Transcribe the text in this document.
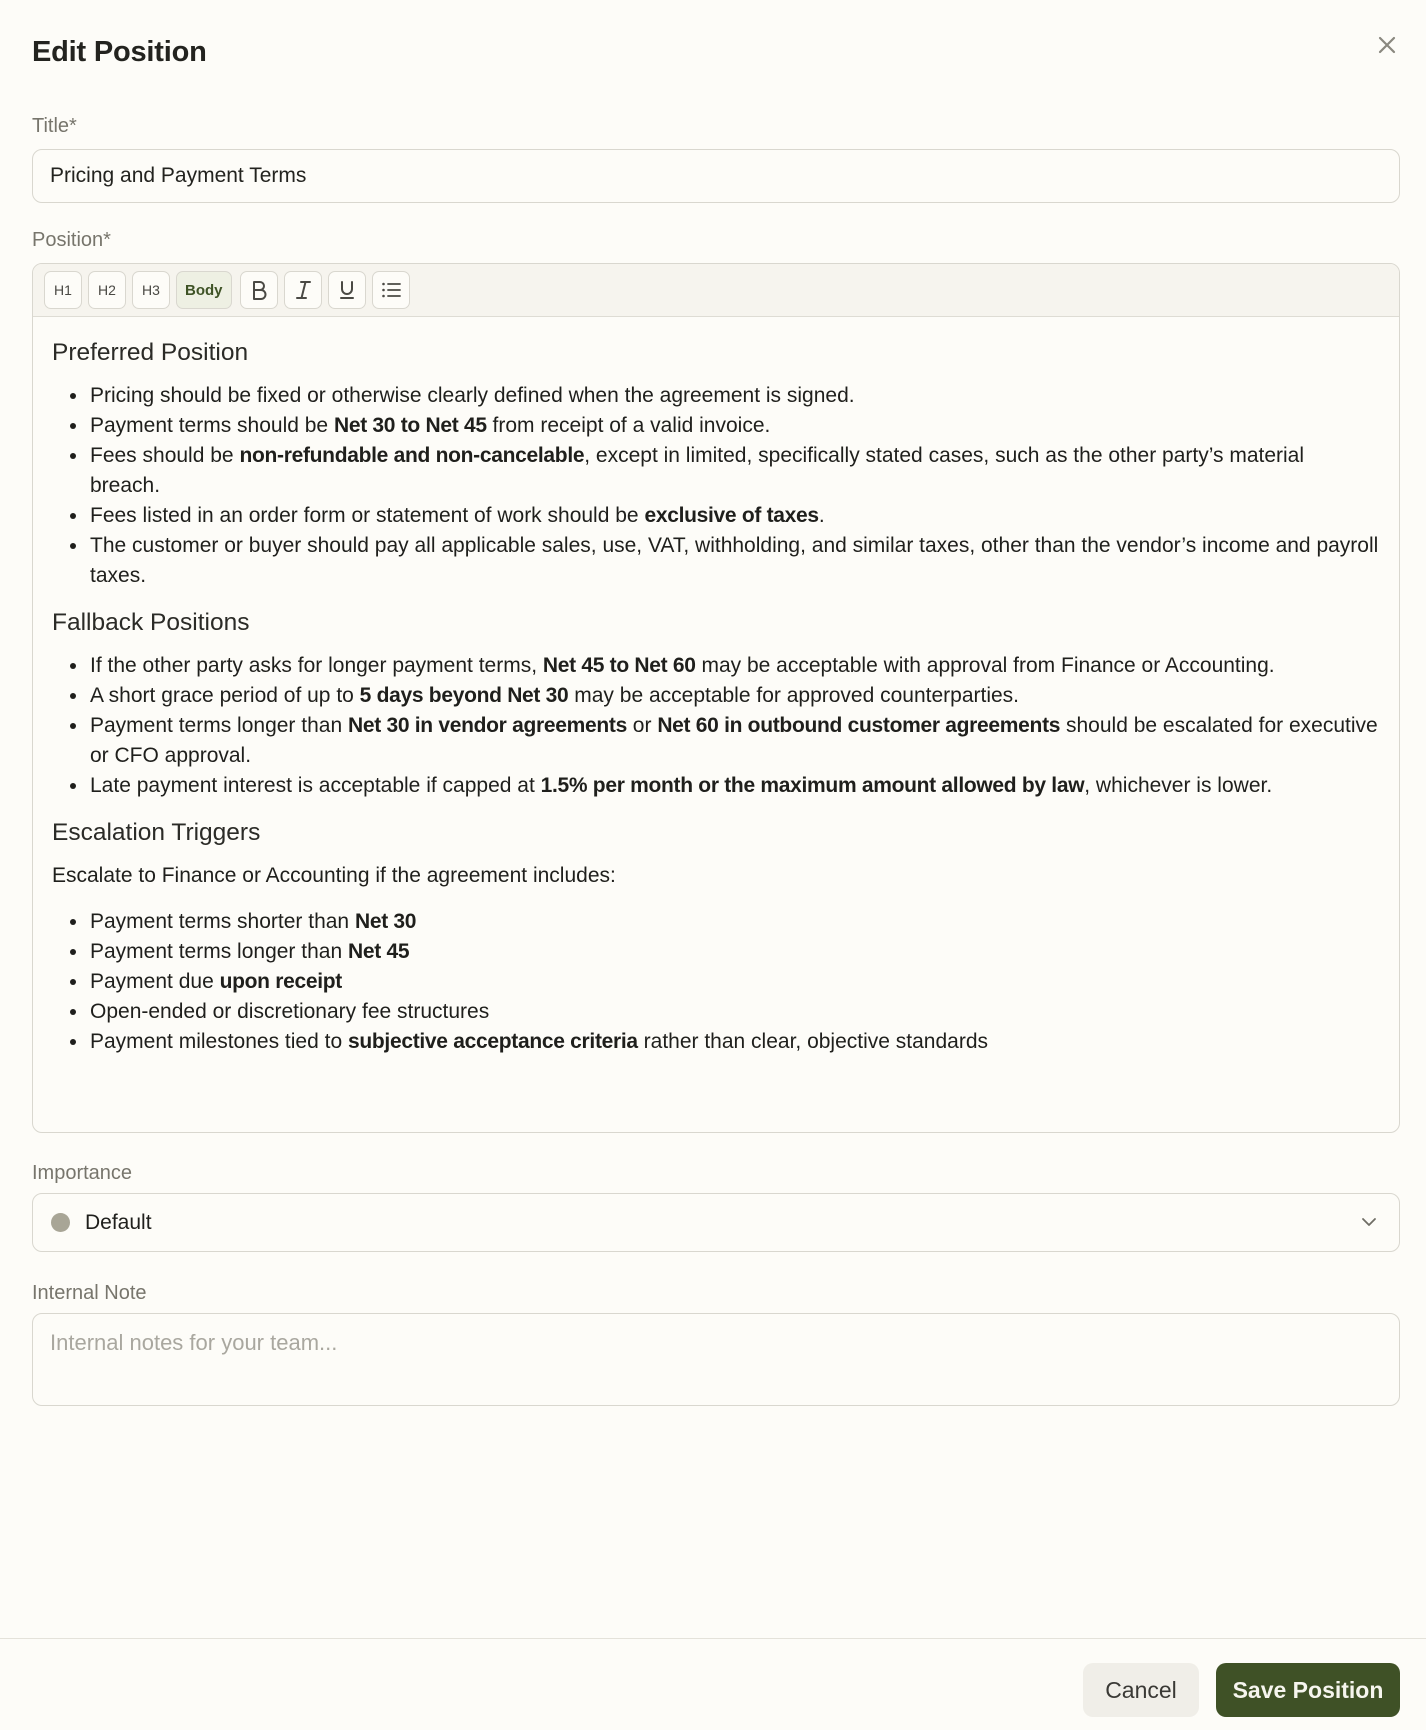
Edit Position
Title*
Pricing and Payment Terms
Position*
H1 H2 H3 Body
Preferred Position
Pricing should be fixed or otherwise clearly defined when the agreement is signed.
Payment terms should be Net 30 to Net 45 from receipt of a valid invoice.
Fees should be non-refundable and non-cancelable, except in limited, specifically stated cases, such as the other party’s material breach.
Fees listed in an order form or statement of work should be exclusive of taxes.
The customer or buyer should pay all applicable sales, use, VAT, withholding, and similar taxes, other than the vendor’s income and payroll taxes.
Fallback Positions
If the other party asks for longer payment terms, Net 45 to Net 60 may be acceptable with approval from Finance or Accounting.
A short grace period of up to 5 days beyond Net 30 may be acceptable for approved counterparties.
Payment terms longer than Net 30 in vendor agreements or Net 60 in outbound customer agreements should be escalated for executive or CFO approval.
Late payment interest is acceptable if capped at 1.5% per month or the maximum amount allowed by law, whichever is lower.
Escalation Triggers

Escalate to Finance or Accounting if the agreement includes:

Payment terms shorter than Net 30
Payment terms longer than Net 45
Payment due upon receipt
Open-ended or discretionary fee structures
Payment milestones tied to subjective acceptance criteria rather than clear, objective standards
Importance
Default
Internal Note
Internal notes for your team...
Cancel	Save Position
